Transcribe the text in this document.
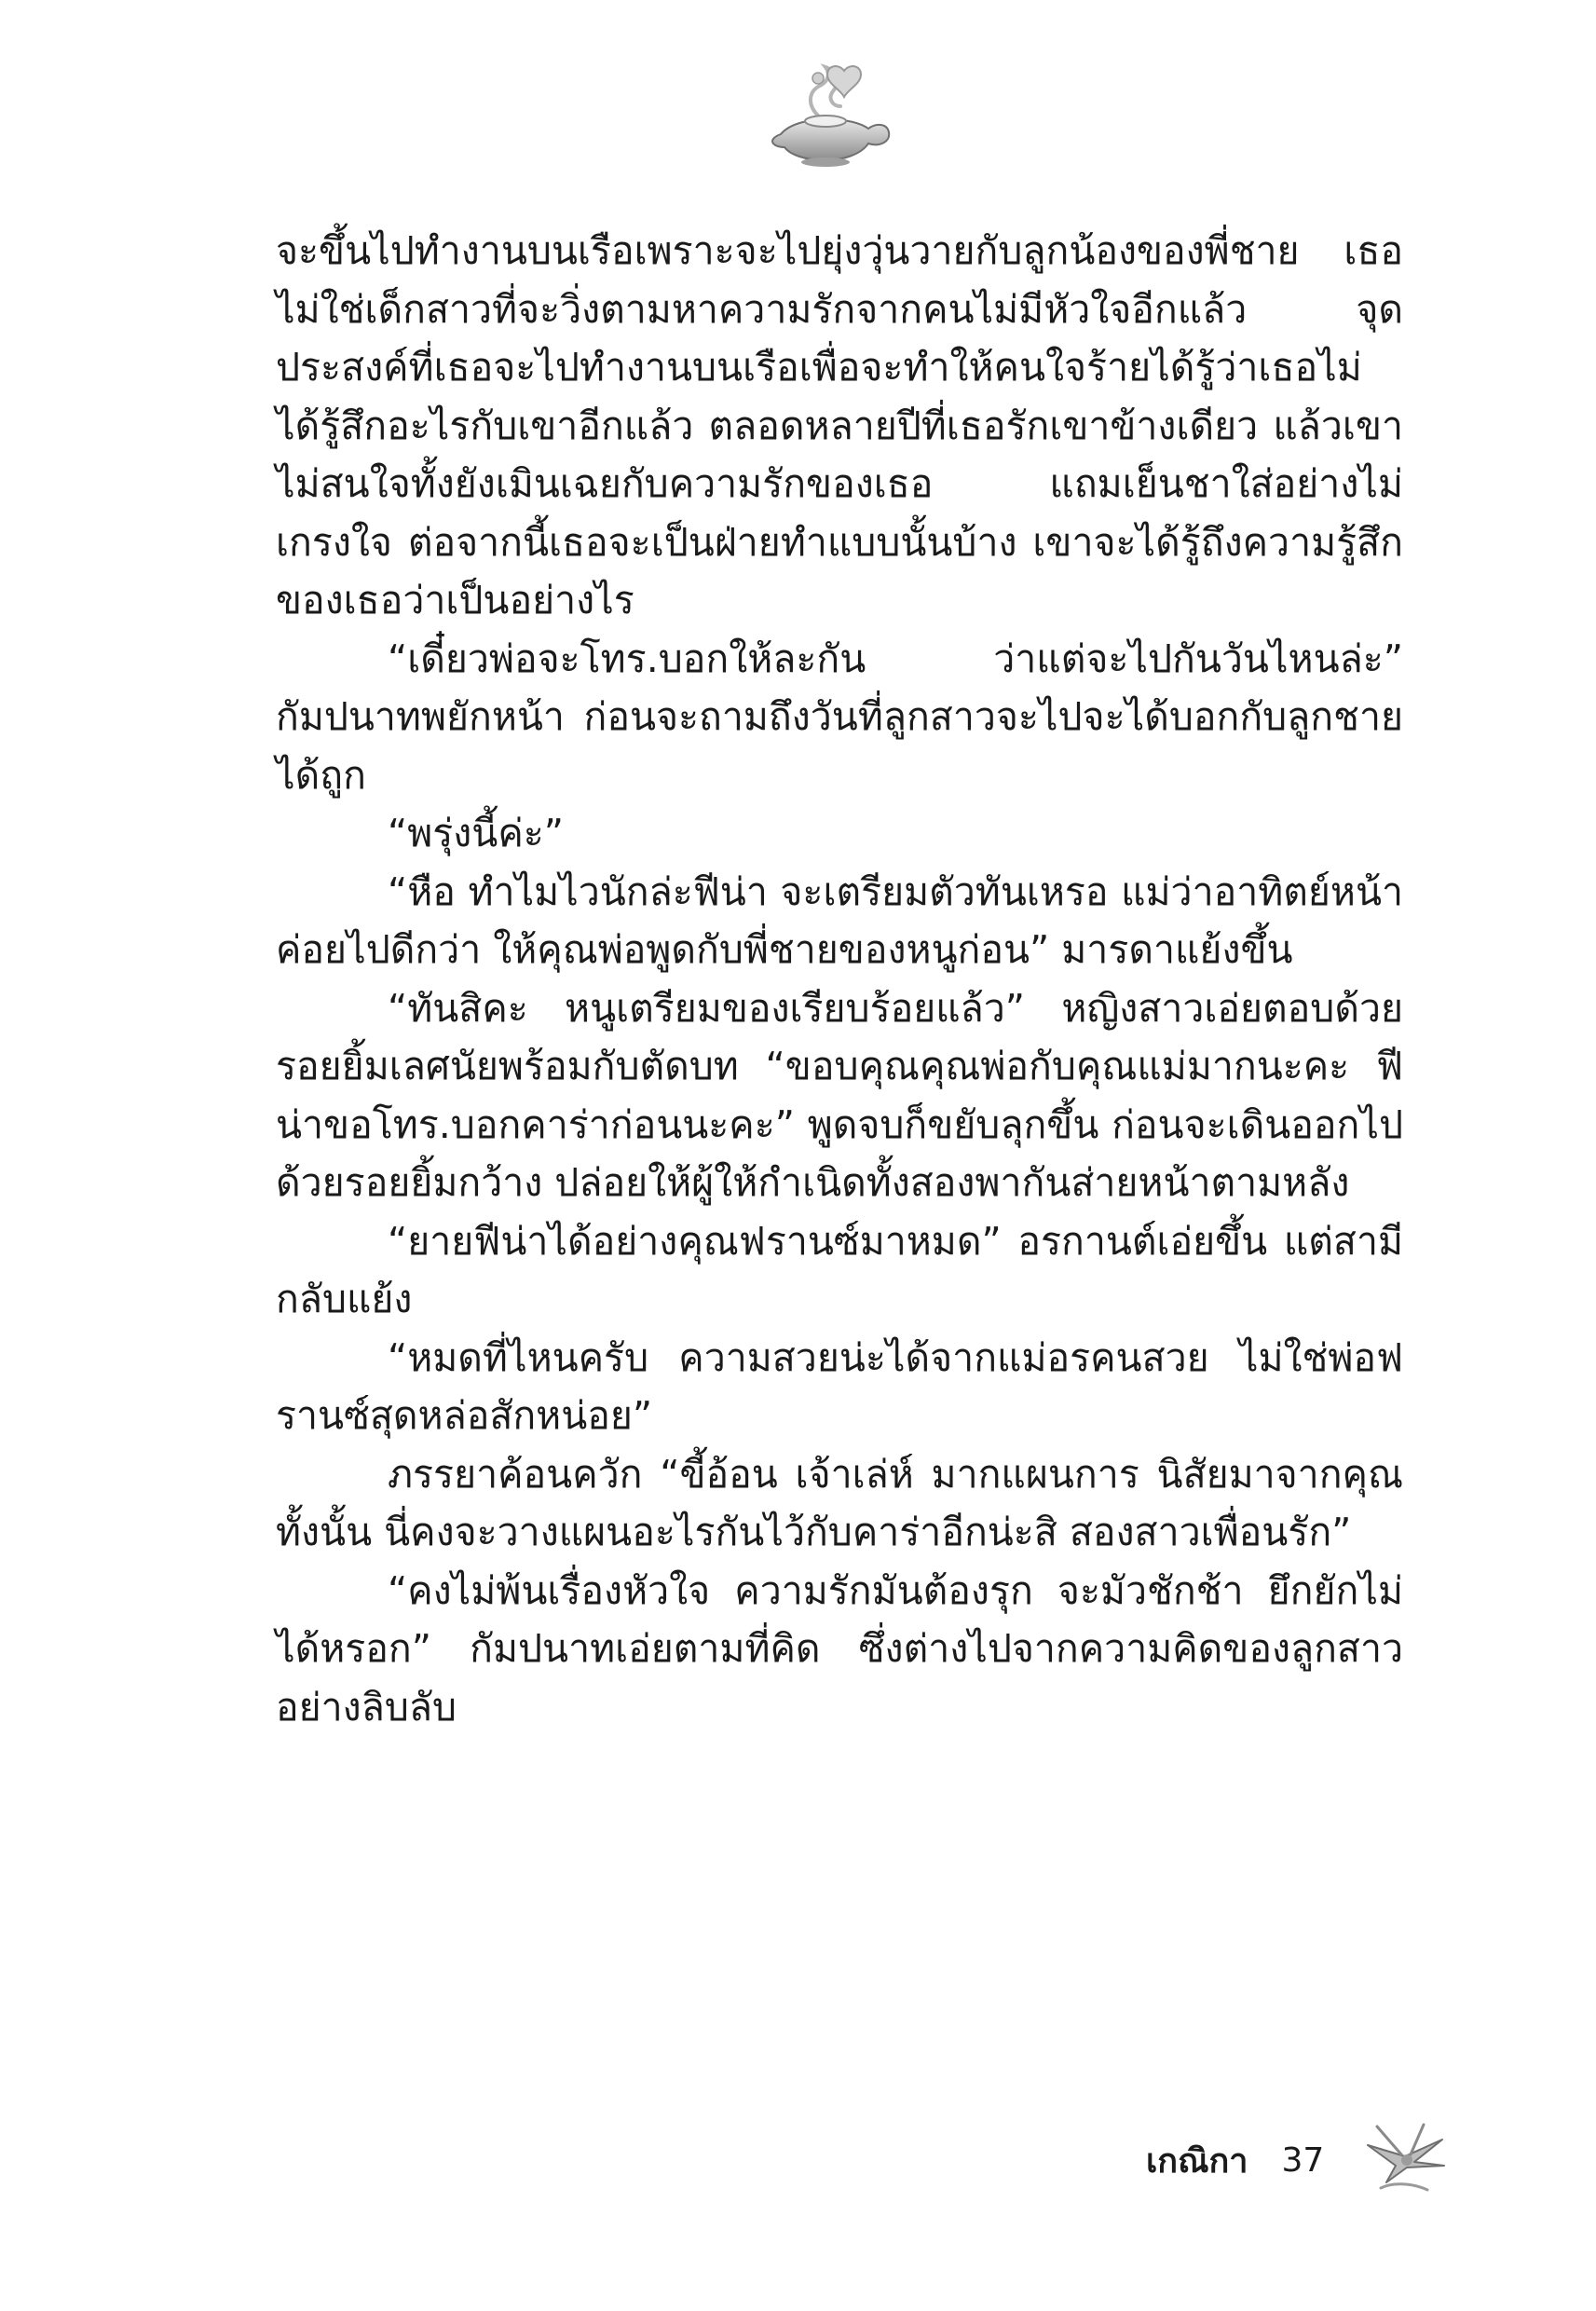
จะขึ้นไปทำงานบนเรือเพราะจะไปยุ่งวุ่นวายกับลูกน้องของพี่ชาย เธอไม่ใช่เด็กสาวที่จะวิ่งตามหาความรักจากคนไม่มีหัวใจอีกแล้ว จุดประสงค์ที่เธอจะไปทำงานบนเรือเพื่อจะทำให้คนใจร้ายได้รู้ว่าเธอไม่ได้รู้สึกอะไรกับเขาอีกแล้ว ตลอดหลายปีที่เธอรักเขาข้างเดียว แล้วเขาไม่สนใจทั้งยังเมินเฉยกับความรักของเธอ แถมเย็นชาใส่อย่างไม่เกรงใจ ต่อจากนี้เธอจะเป็นฝ่ายทำแบบนั้นบ้าง เขาจะได้รู้ถึงความรู้สึกของเธอว่าเป็นอย่างไร

“เดี๋ยวพ่อจะโทร.บอกให้ละกัน ว่าแต่จะไปกันวันไหนล่ะ” กัมปนาทพยักหน้า ก่อนจะถามถึงวันที่ลูกสาวจะไปจะได้บอกกับลูกชายได้ถูก

“พรุ่งนี้ค่ะ”

“หือ ทำไมไวนักล่ะฟีน่า จะเตรียมตัวทันเหรอ แม่ว่าอาทิตย์หน้าค่อยไปดีกว่า ให้คุณพ่อพูดกับพี่ชายของหนูก่อน” มารดาแย้งขึ้น

“ทันสิคะ หนูเตรียมของเรียบร้อยแล้ว” หญิงสาวเอ่ยตอบด้วยรอยยิ้มเลศนัยพร้อมกับตัดบท “ขอบคุณคุณพ่อกับคุณแม่มากนะคะ ฟีน่าขอโทร.บอกคาร่าก่อนนะคะ” พูดจบก็ขยับลุกขึ้น ก่อนจะเดินออกไปด้วยรอยยิ้มกว้าง ปล่อยให้ผู้ให้กำเนิดทั้งสองพากันส่ายหน้าตามหลัง

“ยายฟีน่าได้อย่างคุณฟรานซ์มาหมด” อรกานต์เอ่ยขึ้น แต่สามีกลับแย้ง

“หมดที่ไหนครับ ความสวยน่ะได้จากแม่อรคนสวย ไม่ใช่พ่อฟรานซ์สุดหล่อสักหน่อย”

ภรรยาค้อนควัก “ขี้อ้อน เจ้าเล่ห์ มากแผนการ นิสัยมาจากคุณทั้งนั้น นี่คงจะวางแผนอะไรกันไว้กับคาร่าอีกน่ะสิ สองสาวเพื่อนรัก”

“คงไม่พ้นเรื่องหัวใจ ความรักมันต้องรุก จะมัวชักช้า ยึกยักไม่ได้หรอก” กัมปนาทเอ่ยตามที่คิด ซึ่งต่างไปจากความคิดของลูกสาวอย่างลิบลับ

เกณิกา 37
